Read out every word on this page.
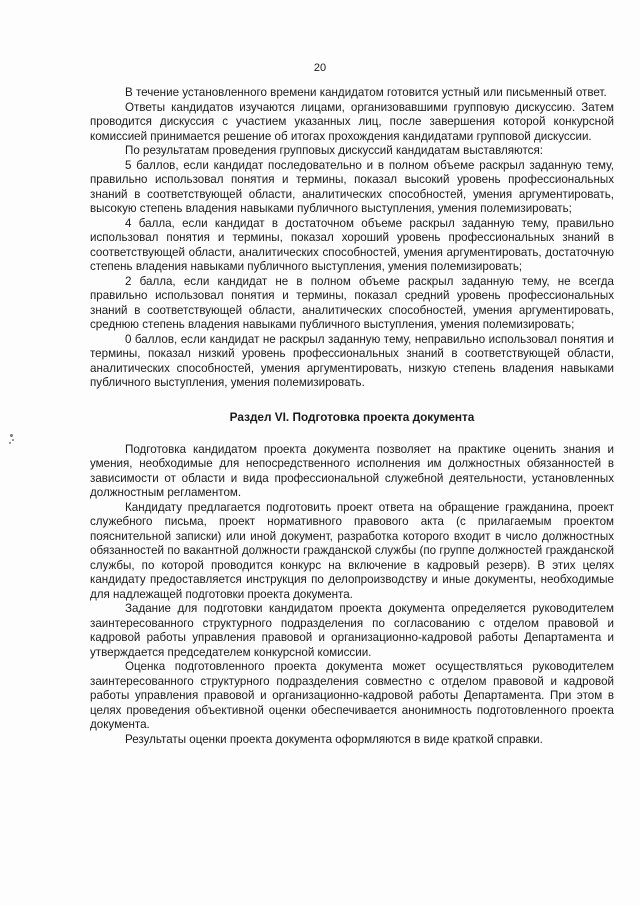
20

В течение установленного времени кандидатом готовится устный или письменный ответ.

Ответы кандидатов изучаются лицами, организовавшими групповую дискуссию. Затем проводится дискуссия с участием указанных лиц, после завершения которой конкурсной комиссией принимается решение об итогах прохождения кандидатами групповой дискуссии.

По результатам проведения групповых дискуссий кандидатам выставляются:

5 баллов, если кандидат последовательно и в полном объеме раскрыл заданную тему, правильно использовал понятия и термины, показал высокий уровень профессиональных знаний в соответствующей области, аналитических способностей, умения аргументировать, высокую степень владения навыками публичного выступления, умения полемизировать;

4 балла, если кандидат в достаточном объеме раскрыл заданную тему, правильно использовал понятия и термины, показал хороший уровень профессиональных знаний в соответствующей области, аналитических способностей, умения аргументировать, достаточную степень владения навыками публичного выступления, умения полемизировать;

2 балла, если кандидат не в полном объеме раскрыл заданную тему, не всегда правильно использовал понятия и термины, показал средний уровень профессиональных знаний в соответствующей области, аналитических способностей, умения аргументировать, среднюю степень владения навыками публичного выступления, умения полемизировать;

0 баллов, если кандидат не раскрыл заданную тему, неправильно использовал понятия и термины, показал низкий уровень профессиональных знаний в соответствующей области, аналитических способностей, умения аргументировать, низкую степень владения навыками публичного выступления, умения полемизировать.

Раздел VI. Подготовка проекта документа

Подготовка кандидатом проекта документа позволяет на практике оценить знания и умения, необходимые для непосредственного исполнения им должностных обязанностей в зависимости от области и вида профессиональной служебной деятельности, установленных должностным регламентом.

Кандидату предлагается подготовить проект ответа на обращение гражданина, проект служебного письма, проект нормативного правового акта (с прилагаемым проектом пояснительной записки) или иной документ, разработка которого входит в число должностных обязанностей по вакантной должности гражданской службы (по группе должностей гражданской службы, по которой проводится конкурс на включение в кадровый резерв). В этих целях кандидату предоставляется инструкция по делопроизводству и иные документы, необходимые для надлежащей подготовки проекта документа.

Задание для подготовки кандидатом проекта документа определяется руководителем заинтересованного структурного подразделения по согласованию с отделом правовой и кадровой работы управления правовой и организационно-кадровой работы Департамента и утверждается председателем конкурсной комиссии.

Оценка подготовленного проекта документа может осуществляться руководителем заинтересованного структурного подразделения совместно с отделом правовой и кадровой работы управления правовой и организационно-кадровой работы Департамента. При этом в целях проведения объективной оценки обеспечивается анонимность подготовленного проекта документа.

Результаты оценки проекта документа оформляются в виде краткой справки.
